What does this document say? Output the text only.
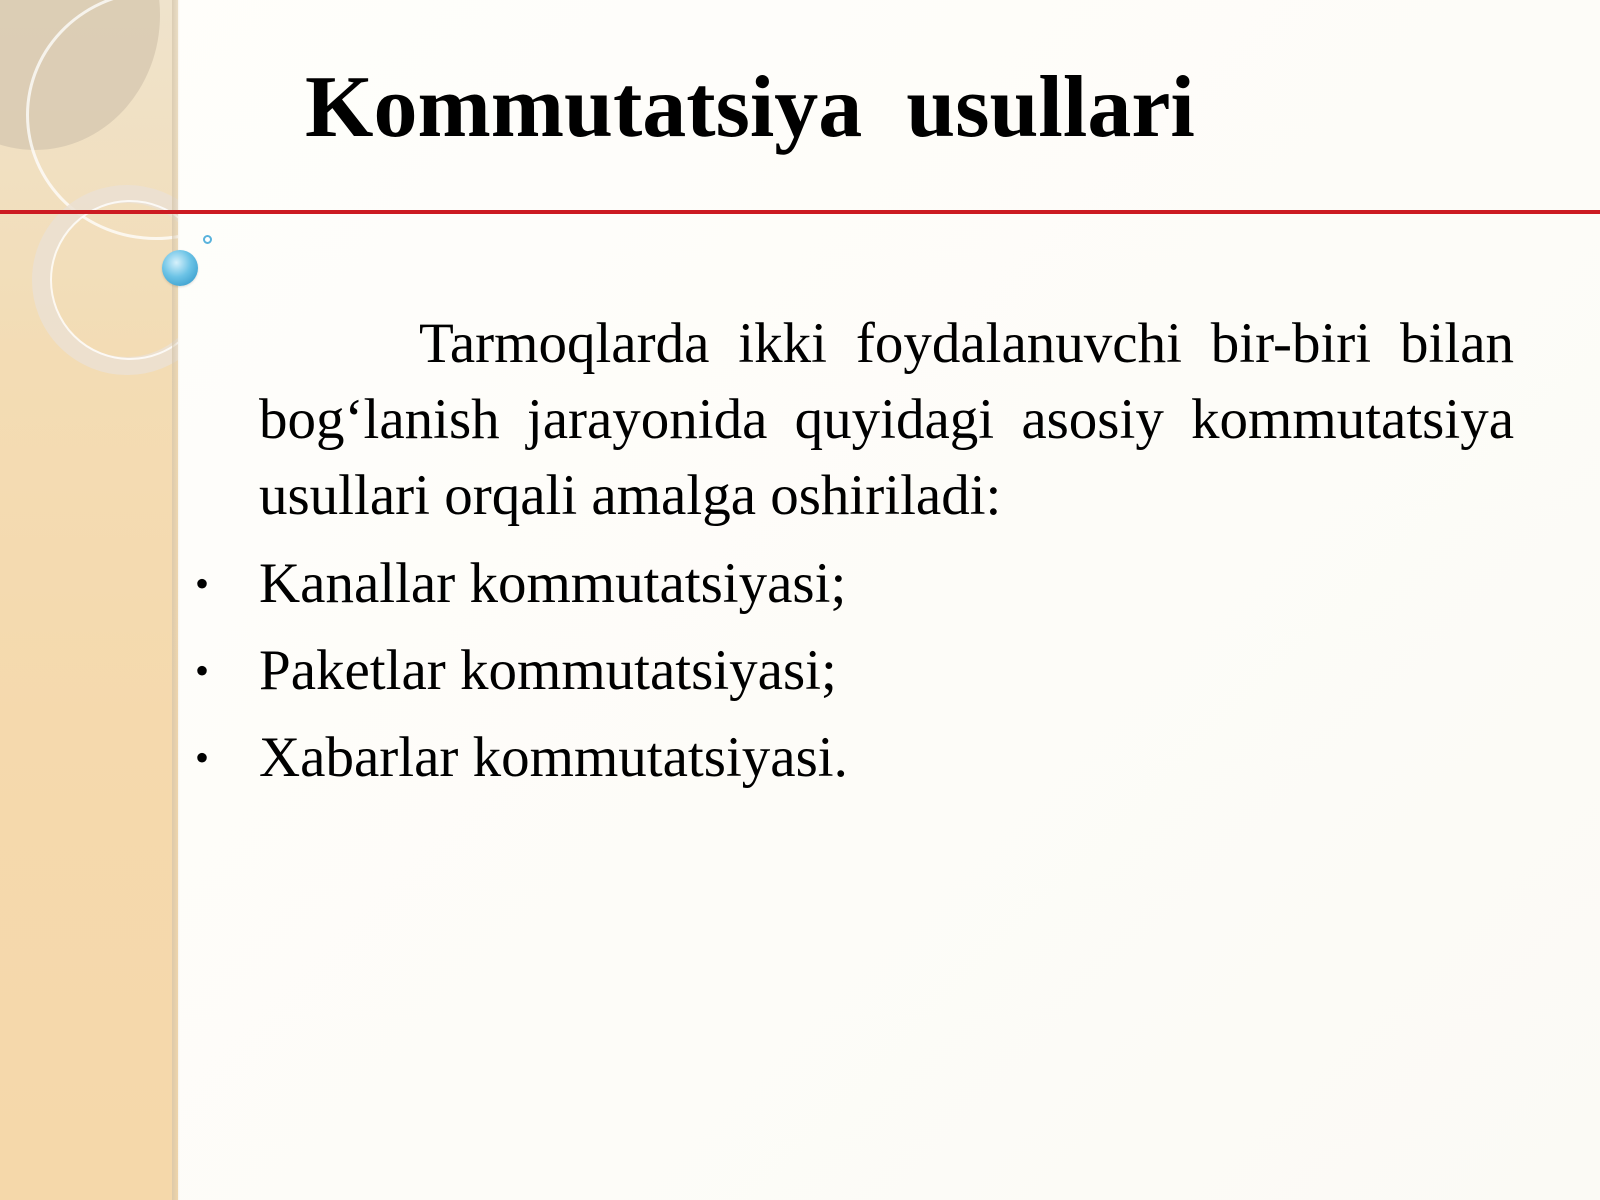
Kommutatsiya  usullari

Tarmoqlarda ikki foydalanuvchi bir-biri bilan bog‘lanish jarayonida quyidagi asosiy kommutatsiya usullari orqali amalga oshiriladi:

• Kanallar kommutatsiyasi;
• Paketlar kommutatsiyasi;
• Xabarlar kommutatsiyasi.
